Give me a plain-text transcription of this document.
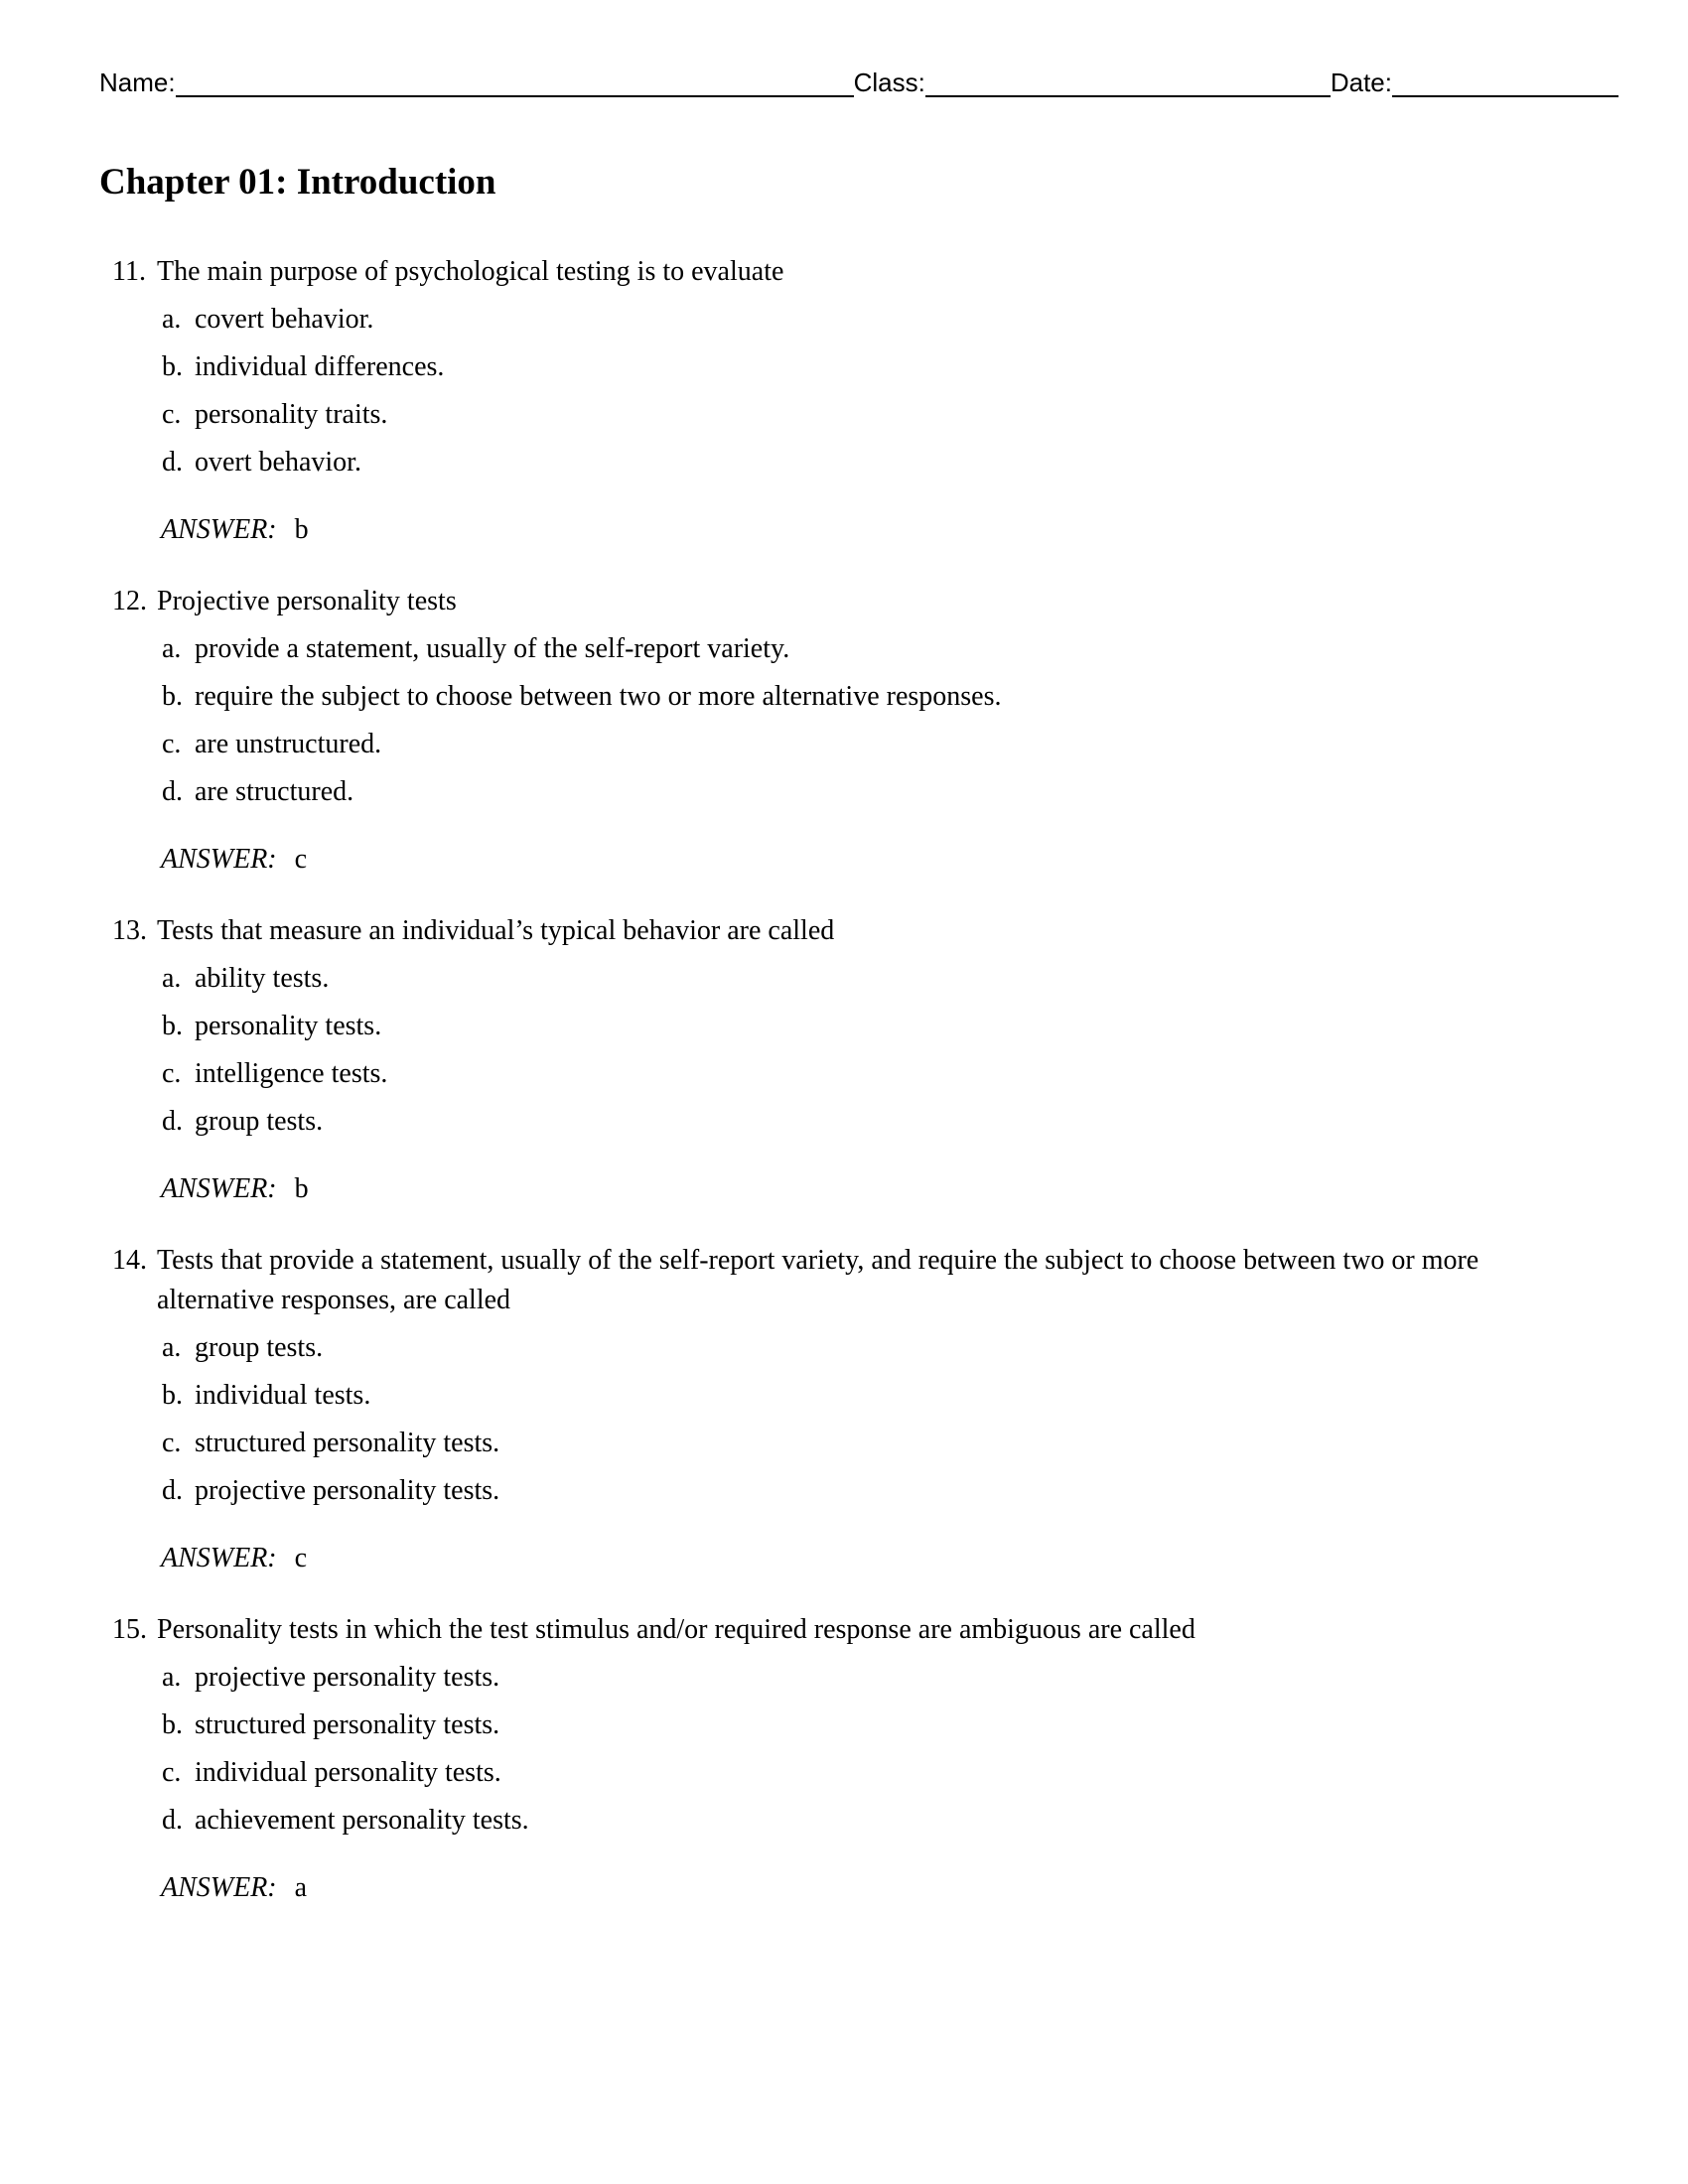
Name:	Class:	Date:
Chapter 01: Introduction
11. The main purpose of psychological testing is to evaluate
a. covert behavior.
b. individual differences.
c. personality traits.
d. overt behavior.
ANSWER: b
12. Projective personality tests
a. provide a statement, usually of the self-report variety.
b. require the subject to choose between two or more alternative responses.
c. are unstructured.
d. are structured.
ANSWER: c
13. Tests that measure an individual’s typical behavior are called
a. ability tests.
b. personality tests.
c. intelligence tests.
d. group tests.
ANSWER: b
14. Tests that provide a statement, usually of the self-report variety, and require the subject to choose between two or more alternative responses, are called
a. group tests.
b. individual tests.
c. structured personality tests.
d. projective personality tests.
ANSWER: c
15. Personality tests in which the test stimulus and/or required response are ambiguous are called
a. projective personality tests.
b. structured personality tests.
c. individual personality tests.
d. achievement personality tests.
ANSWER: a
